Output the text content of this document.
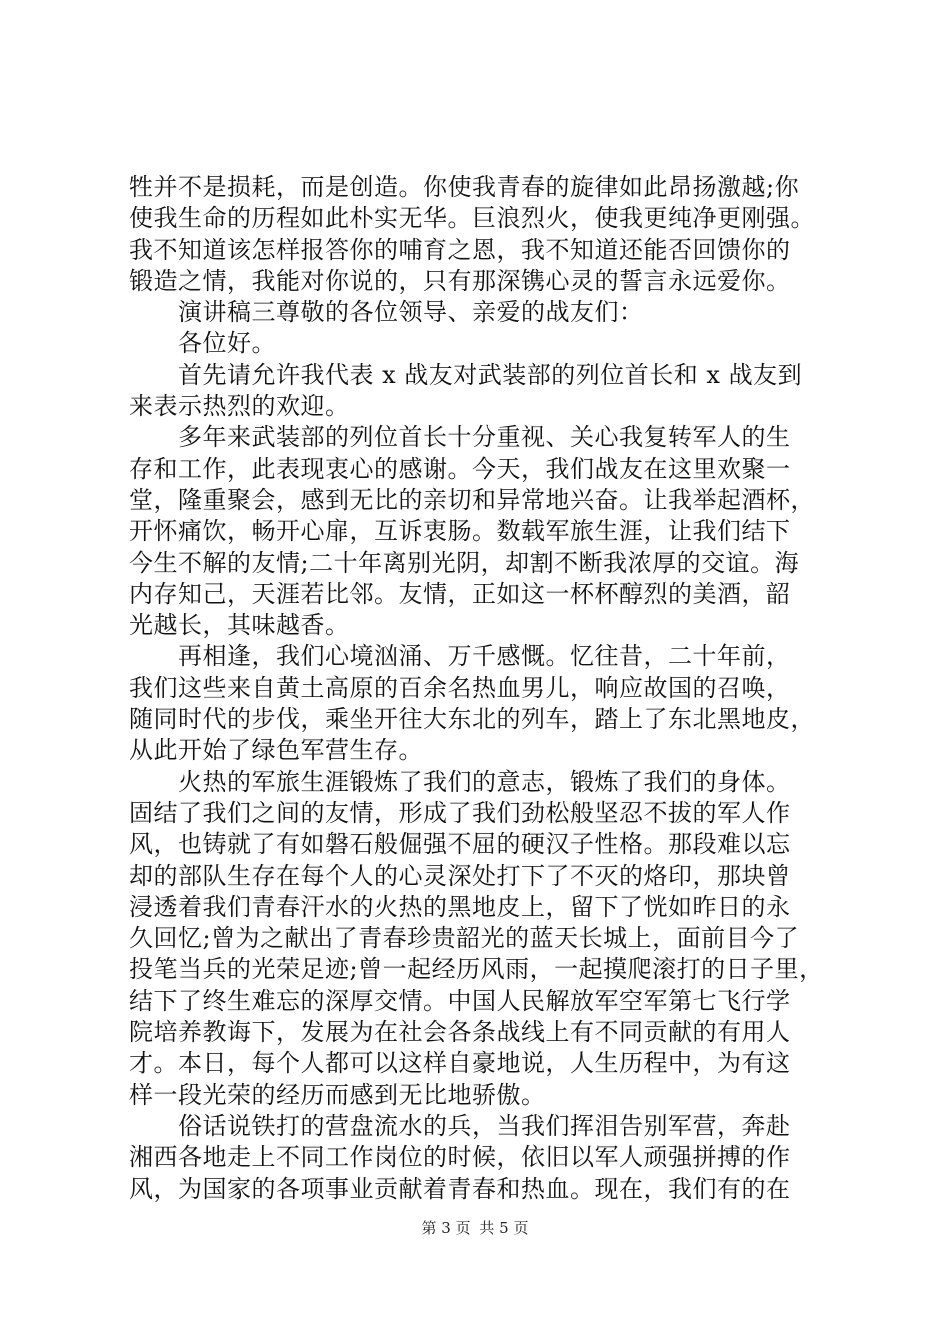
牲并不是损耗，而是创造。你使我青春的旋律如此昂扬激越;你
使我生命的历程如此朴实无华。巨浪烈火，使我更纯净更刚强。
我不知道该怎样报答你的哺育之恩，我不知道还能否回馈你的
锻造之情，我能对你说的，只有那深镌心灵的誓言永远爱你。
　　演讲稿三尊敬的各位领导、亲爱的战友们：
　　各位好。
　　首先请允许我代表 x 战友对武装部的列位首长和 x 战友到
来表示热烈的欢迎。
　　多年来武装部的列位首长十分重视、关心我复转军人的生
存和工作，此表现衷心的感谢。今天，我们战友在这里欢聚一
堂，隆重聚会，感到无比的亲切和异常地兴奋。让我举起酒杯，
开怀痛饮，畅开心扉，互诉衷肠。数载军旅生涯，让我们结下
今生不解的友情;二十年离别光阴，却割不断我浓厚的交谊。海
内存知己，天涯若比邻。友情，正如这一杯杯醇烈的美酒，韶
光越长，其味越香。
　　再相逢，我们心境汹涌、万千感慨。忆往昔，二十年前，
我们这些来自黄土高原的百余名热血男儿，响应故国的召唤，
随同时代的步伐，乘坐开往大东北的列车，踏上了东北黑地皮，
从此开始了绿色军营生存。
　　火热的军旅生涯锻炼了我们的意志，锻炼了我们的身体。
固结了我们之间的友情，形成了我们劲松般坚忍不拔的军人作
风，也铸就了有如磐石般倔强不屈的硬汉子性格。那段难以忘
却的部队生存在每个人的心灵深处打下了不灭的烙印，那块曾
浸透着我们青春汗水的火热的黑地皮上，留下了恍如昨日的永
久回忆;曾为之献出了青春珍贵韶光的蓝天长城上，面前目今了
投笔当兵的光荣足迹;曾一起经历风雨，一起摸爬滚打的日子里，
结下了终生难忘的深厚交情。中国人民解放军空军第七飞行学
院培养教诲下，发展为在社会各条战线上有不同贡献的有用人
才。本日，每个人都可以这样自豪地说，人生历程中，为有这
样一段光荣的经历而感到无比地骄傲。
　　俗话说铁打的营盘流水的兵，当我们挥泪告别军营，奔赴
湘西各地走上不同工作岗位的时候，依旧以军人顽强拼搏的作
风，为国家的各项事业贡献着青春和热血。现在，我们有的在
第 3 页 共 5 页
